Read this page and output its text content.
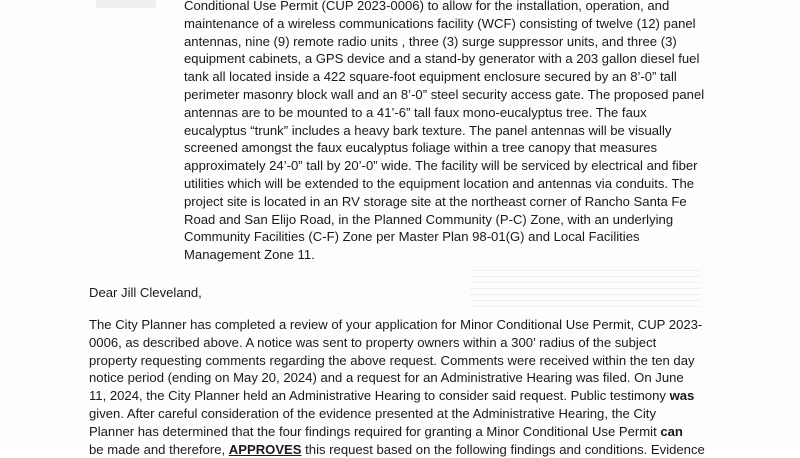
Conditional Use Permit (CUP 2023-0006) to allow for the installation, operation, and
maintenance of a wireless communications facility (WCF) consisting of twelve (12) panel
antennas, nine (9) remote radio units , three (3) surge suppressor units, and three (3)
equipment cabinets, a GPS device and a stand-by generator with a 203 gallon diesel fuel
tank all located inside a 422 square-foot equipment enclosure secured by an 8’-0” tall
perimeter masonry block wall and an 8’-0” steel security access gate. The proposed panel
antennas are to be mounted to a 41’-6” tall faux mono-eucalyptus tree. The faux
eucalyptus “trunk” includes a heavy bark texture. The panel antennas will be visually
screened amongst the faux eucalyptus foliage within a tree canopy that measures
approximately 24’-0” tall by 20’-0” wide. The facility will be serviced by electrical and fiber
utilities which will be extended to the equipment location and antennas via conduits. The
project site is located in an RV storage site at the northeast corner of Rancho Santa Fe
Road and San Elijo Road, in the Planned Community (P-C) Zone, with an underlying
Community Facilities (C-F) Zone per Master Plan 98-01(G) and Local Facilities
Management Zone 11.

Dear Jill Cleveland,

The City Planner has completed a review of your application for Minor Conditional Use Permit, CUP 2023-
0006, as described above. A notice was sent to property owners within a 300’ radius of the subject
property requesting comments regarding the above request. Comments were received within the ten day
notice period (ending on May 20, 2024) and a request for an Administrative Hearing was filed. On June
11, 2024, the City Planner held an Administrative Hearing to consider said request. Public testimony was
given. After careful consideration of the evidence presented at the Administrative Hearing, the City
Planner has determined that the four findings required for granting a Minor Conditional Use Permit can
be made and therefore, APPROVES this request based on the following findings and conditions. Evidence
